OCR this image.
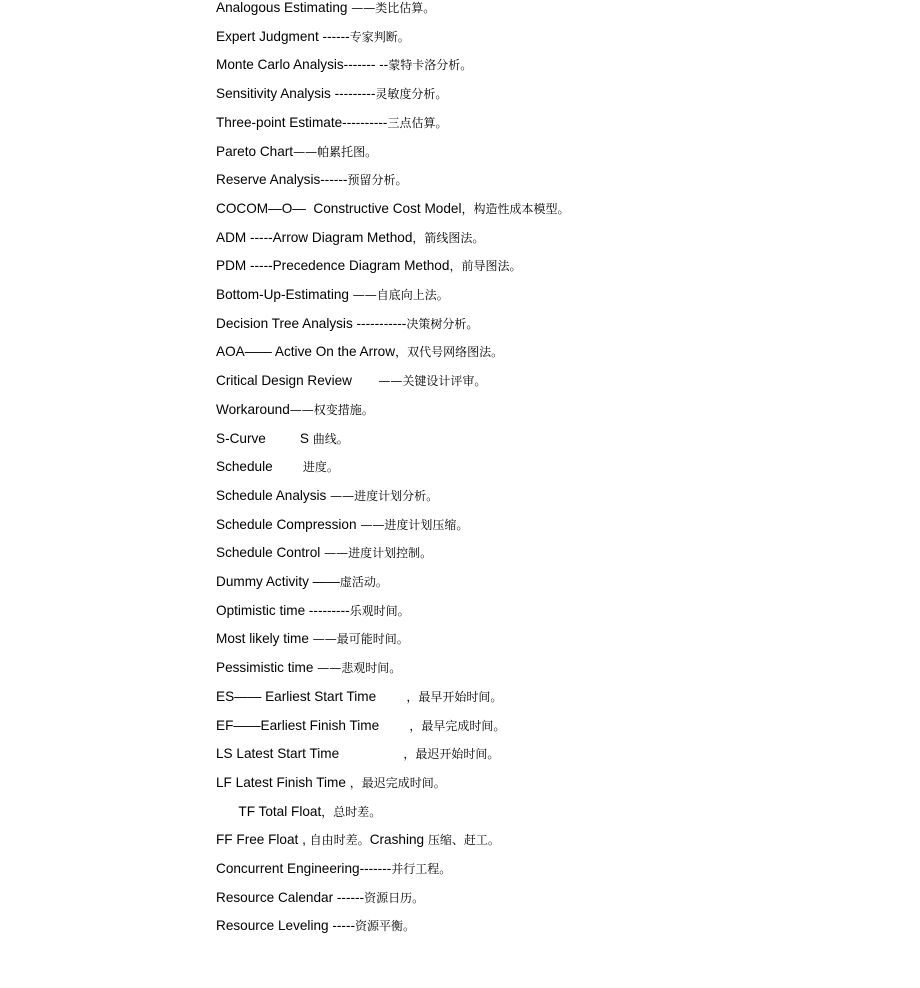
Analogous Estimating ——类比估算。
Expert Judgment ------专家判断。
Monte Carlo Analysis------- --蒙特卡洛分析。
Sensitivity Analysis ---------灵敏度分析。
Three-point Estimate----------三点估算。
Pareto Chart——帕累托图。
Reserve Analysis------预留分析。
COCOM—O—  Constructive Cost Model，构造性成本模型。
ADM -----Arrow Diagram Method，箭线图法。
PDM -----Precedence Diagram Method，前导图法。
Bottom-Up-Estimating ——自底向上法。
Decision Tree Analysis -----------决策树分析。
AOA—— Active On the Arrow，双代号网络图法。
Critical Design Review       ——关键设计评审。
Workaround——权变措施。
S-Curve         S 曲线。
Schedule        进度。
Schedule Analysis ——进度计划分析。
Schedule Compression ——进度计划压缩。
Schedule Control ——进度计划控制。
Dummy Activity ——虚活动。
Optimistic time ---------乐观时间。
Most likely time ——最可能时间。
Pessimistic time ——悲观时间。
ES—— Earliest Start Time        ，最早开始时间。
EF——Earliest Finish Time        ，最早完成时间。
LS Latest Start Time                 ，最迟开始时间。
LF Latest Finish Time ，最迟完成时间。
TF Total Float，总时差。
FF Free Float , 自由时差。Crashing 压缩、赶工。
Concurrent Engineering-------并行工程。
Resource Calendar ------资源日历。
Resource Leveling -----资源平衡。
